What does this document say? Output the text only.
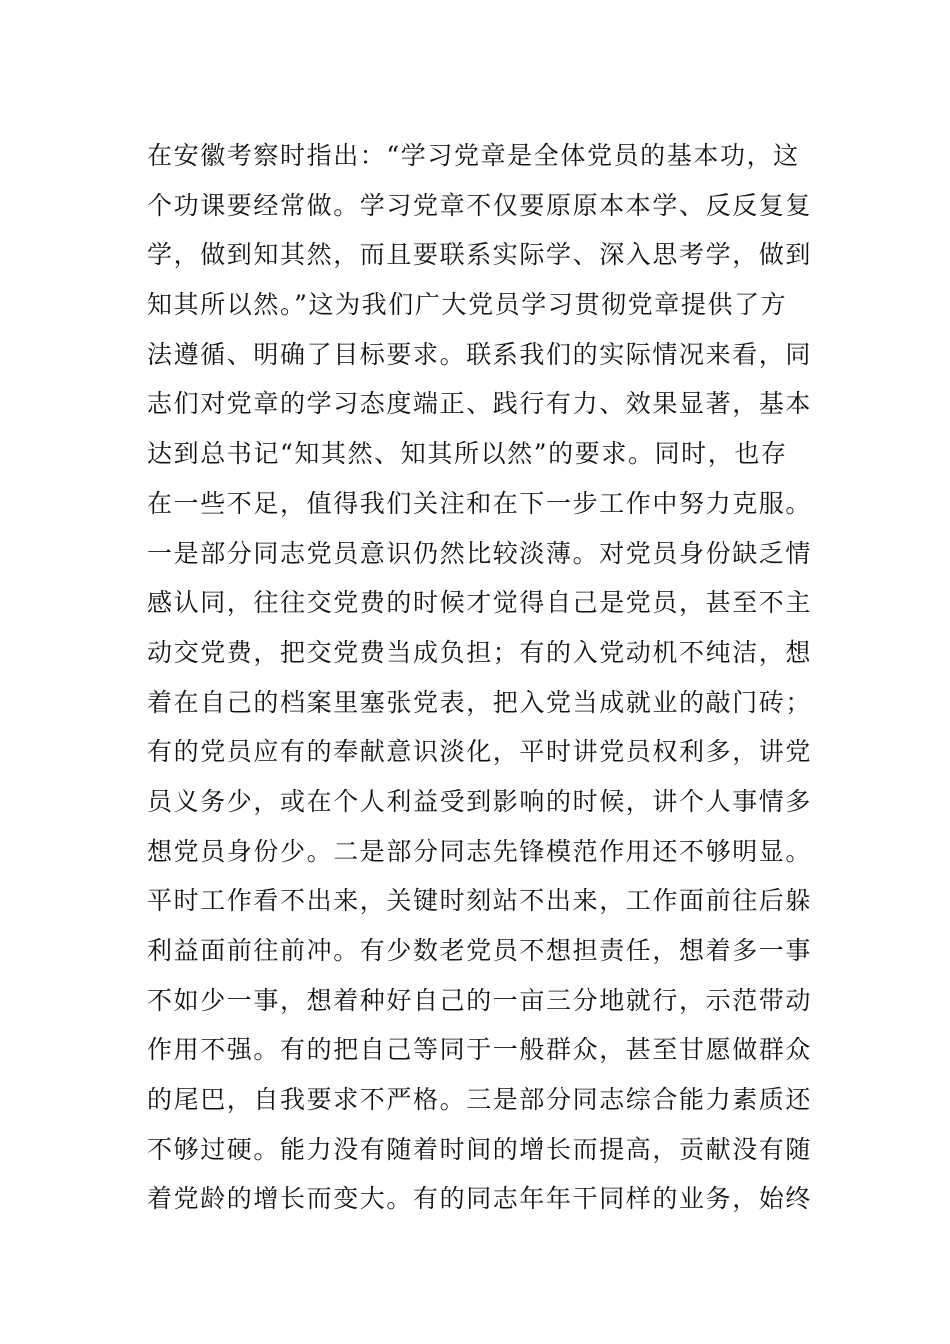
在安徽考察时指出：“学习党章是全体党员的基本功，这
个功课要经常做。学习党章不仅要原原本本学、反反复复
学，做到知其然，而且要联系实际学、深入思考学，做到
知其所以然。”这为我们广大党员学习贯彻党章提供了方
法遵循、明确了目标要求。联系我们的实际情况来看，同
志们对党章的学习态度端正、践行有力、效果显著，基本
达到总书记“知其然、知其所以然”的要求。同时，也存
在一些不足，值得我们关注和在下一步工作中努力克服。
一是部分同志党员意识仍然比较淡薄。对党员身份缺乏情
感认同，往往交党费的时候才觉得自己是党员，甚至不主
动交党费，把交党费当成负担；有的入党动机不纯洁，想
着在自己的档案里塞张党表，把入党当成就业的敲门砖；
有的党员应有的奉献意识淡化，平时讲党员权利多，讲党
员义务少，或在个人利益受到影响的时候，讲个人事情多
想党员身份少。二是部分同志先锋模范作用还不够明显。
平时工作看不出来，关键时刻站不出来，工作面前往后躲
利益面前往前冲。有少数老党员不想担责任，想着多一事
不如少一事，想着种好自己的一亩三分地就行，示范带动
作用不强。有的把自己等同于一般群众，甚至甘愿做群众
的尾巴，自我要求不严格。三是部分同志综合能力素质还
不够过硬。能力没有随着时间的增长而提高，贡献没有随
着党龄的增长而变大。有的同志年年干同样的业务，始终
